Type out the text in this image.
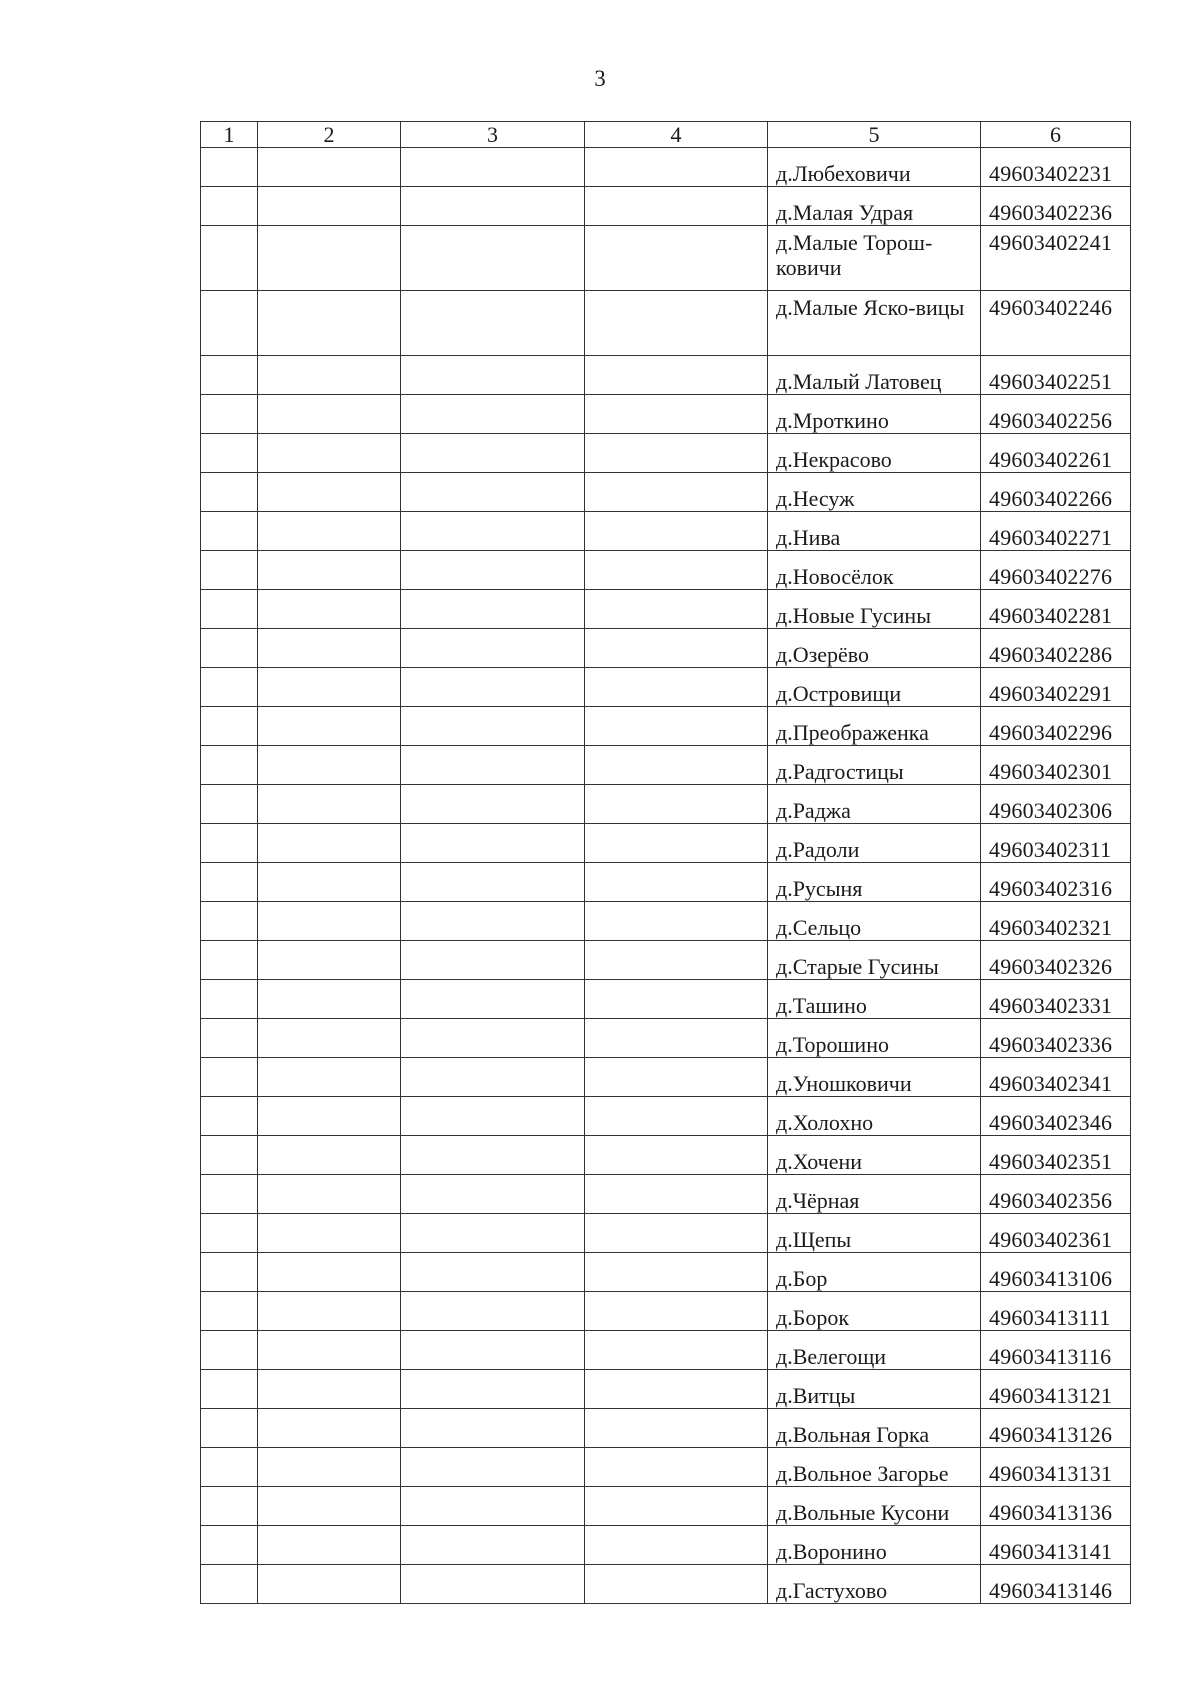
3
1	2	3	4	5	6
				д.Любеховичи	49603402231
				д.Малая Удрая	49603402236
				д.Малые Торош-ковичи	49603402241
				д.Малые Яско-вицы	49603402246
				д.Малый Латовец	49603402251
				д.Мроткино	49603402256
				д.Некрасово	49603402261
				д.Несуж	49603402266
				д.Нива	49603402271
				д.Новосёлок	49603402276
				д.Новые Гусины	49603402281
				д.Озерёво	49603402286
				д.Островищи	49603402291
				д.Преображенка	49603402296
				д.Радгостицы	49603402301
				д.Раджа	49603402306
				д.Радоли	49603402311
				д.Русыня	49603402316
				д.Сельцо	49603402321
				д.Старые Гусины	49603402326
				д.Ташино	49603402331
				д.Торошино	49603402336
				д.Уношковичи	49603402341
				д.Холохно	49603402346
				д.Хочени	49603402351
				д.Чёрная	49603402356
				д.Щепы	49603402361
				д.Бор	49603413106
				д.Борок	49603413111
				д.Велегощи	49603413116
				д.Витцы	49603413121
				д.Вольная Горка	49603413126
				д.Вольное Загорье	49603413131
				д.Вольные Кусони	49603413136
				д.Воронино	49603413141
				д.Гастухово	49603413146
